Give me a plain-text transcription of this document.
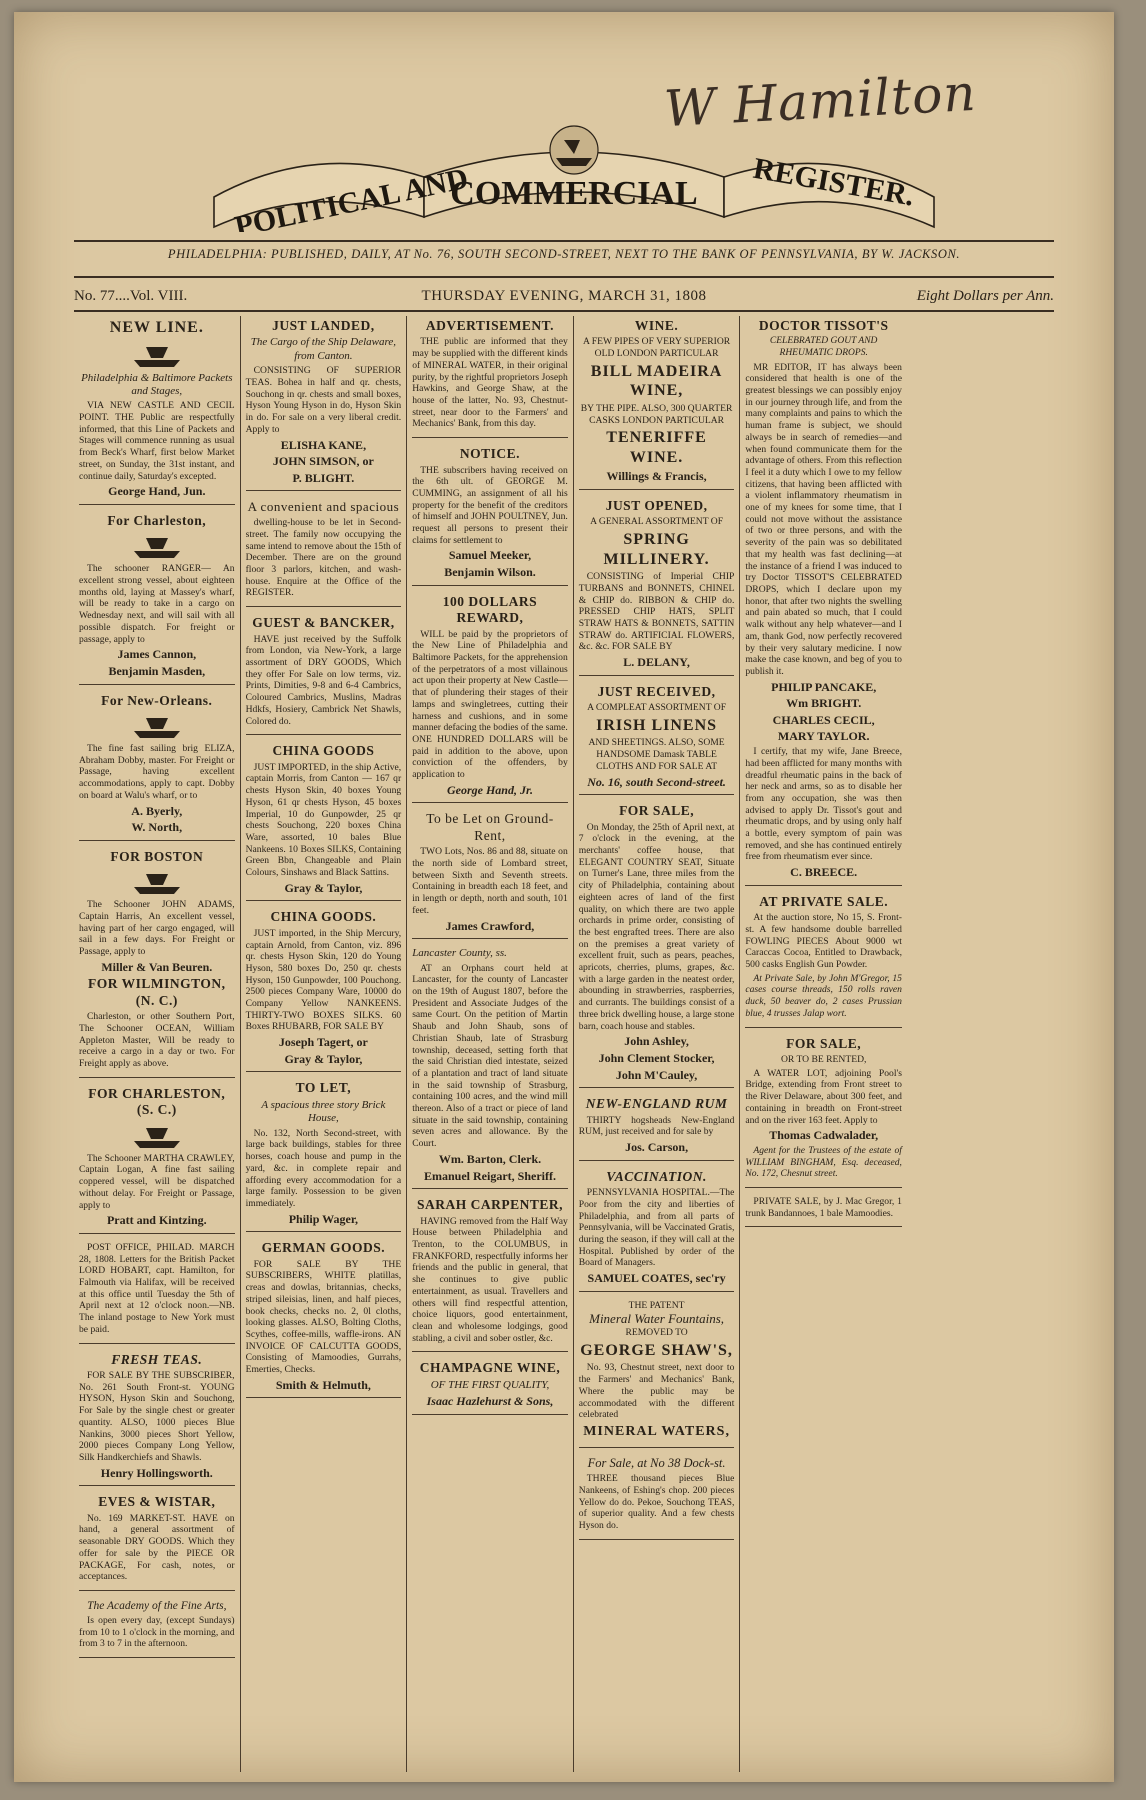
W Hamilton
POLITICAL AND
COMMERCIAL REGISTER.
PHILADELPHIA: PUBLISHED, DAILY, AT No. 76, SOUTH SECOND-STREET, NEXT TO THE BANK OF PENNSYLVANIA, BY W. JACKSON.
No. 77....Vol. VIII.	THURSDAY EVENING, MARCH 31, 1808	Eight Dollars per Ann.
NEW LINE.
Philadelphia & Baltimore Packets and Stages,

VIA NEW CASTLE AND CECIL POINT. THE Public are respectfully informed, that this Line of Packets and Stages will commence running as usual from Beck's Wharf, first below Market street, on Sunday, the 31st instant, and continue daily, Saturday's excepted.

George Hand, Jun.
For Charleston,

The schooner RANGER— An excellent strong vessel, about eighteen months old, laying at Massey's wharf, will be ready to take in a cargo on Wednesday next, and will sail with all possible dispatch. For freight or passage, apply to

James Cannon,
Benjamin Masden,
For New-Orleans.

The fine fast sailing brig ELIZA, Abraham Dobby, master. For Freight or Passage, having excellent accommodations, apply to capt. Dobby on board at Walu's wharf, or to

A. Byerly,
W. North,
FOR BOSTON

The Schooner JOHN ADAMS, Captain Harris, An excellent vessel, having part of her cargo engaged, will sail in a few days. For Freight or Passage, apply to

Miller & Van Beuren.
FOR WILMINGTON, (N. C.)

Charleston, or other Southern Port, The Schooner OCEAN, William Appleton Master, Will be ready to receive a cargo in a day or two. For Freight apply as above.

FOR CHARLESTON, (S. C.)

The Schooner MARTHA CRAWLEY, Captain Logan, A fine fast sailing coppered vessel, will be dispatched without delay. For Freight or Passage, apply to

Pratt and Kintzing.

POST OFFICE, PHILAD. MARCH 28, 1808. Letters for the British Packet LORD HOBART, capt. Hamilton, for Falmouth via Halifax, will be received at this office until Tuesday the 5th of April next at 12 o'clock noon.—NB. The inland postage to New York must be paid.

FRESH TEAS.

FOR SALE BY THE SUBSCRIBER, No. 261 South Front-st. YOUNG HYSON, Hyson Skin and Souchong, For Sale by the single chest or greater quantity. ALSO, 1000 pieces Blue Nankins, 3000 pieces Short Yellow, 2000 pieces Company Long Yellow, Silk Handkerchiefs and Shawls.

Henry Hollingsworth.
EVES & WISTAR,

No. 169 MARKET-ST. HAVE on hand, a general assortment of seasonable DRY GOODS. Which they offer for sale by the PIECE OR PACKAGE, For cash, notes, or acceptances.

The Academy of the Fine Arts,

Is open every day, (except Sundays) from 10 to 1 o'clock in the morning, and from 3 to 7 in the afternoon.

JUST LANDED,
The Cargo of the Ship Delaware, from Canton.

CONSISTING OF SUPERIOR TEAS. Bohea in half and qr. chests, Souchong in qr. chests and small boxes, Hyson Young Hyson in do, Hyson Skin in do. For sale on a very liberal credit. Apply to

ELISHA KANE,
JOHN SIMSON, or
P. BLIGHT.
A convenient and spacious

dwelling-house to be let in Second-street. The family now occupying the same intend to remove about the 15th of December. There are on the ground floor 3 parlors, kitchen, and wash-house. Enquire at the Office of the REGISTER.

GUEST & BANCKER,

HAVE just received by the Suffolk from London, via New-York, a large assortment of DRY GOODS, Which they offer For Sale on low terms, viz. Prints, Dimities, 9-8 and 6-4 Cambrics, Coloured Cambrics, Muslins, Madras Hdkfs, Hosiery, Cambrick Net Shawls, Colored do.

CHINA GOODS

JUST IMPORTED, in the ship Active, captain Morris, from Canton — 167 qr chests Hyson Skin, 40 boxes Young Hyson, 61 qr chests Hyson, 45 boxes Imperial, 10 do Gunpowder, 25 qr chests Souchong, 220 boxes China Ware, assorted, 10 bales Blue Nankeens. 10 Boxes SILKS, Containing Green Bbn, Changeable and Plain Colours, Sinshaws and Black Sattins.

Gray & Taylor,
CHINA GOODS.

JUST imported, in the Ship Mercury, captain Arnold, from Canton, viz. 896 qr. chests Hyson Skin, 120 do Young Hyson, 580 boxes Do, 250 qr. chests Hyson, 150 Gunpowder, 100 Pouchong. 2500 pieces Company Ware, 10000 do Company Yellow NANKEENS. THIRTY-TWO BOXES SILKS. 60 Boxes RHUBARB, FOR SALE BY

Joseph Tagert, or
Gray & Taylor,
TO LET,
A spacious three story Brick House,

No. 132, North Second-street, with large back buildings, stables for three horses, coach house and pump in the yard, &c. in complete repair and affording every accommodation for a large family. Possession to be given immediately.

Philip Wager,
GERMAN GOODS.

FOR SALE BY THE SUBSCRIBERS, WHITE platillas, creas and dowlas, britannias, checks, striped sileisias, linen, and half pieces, book checks, checks no. 2, 0l cloths, looking glasses. ALSO, Bolting Cloths, Scythes, coffee-mills, waffle-irons. AN INVOICE OF CALCUTTA GOODS, Consisting of Mamoodies, Gurrahs, Emerties, Checks.

Smith & Helmuth,
ADVERTISEMENT.

THE public are informed that they may be supplied with the different kinds of MINERAL WATER, in their original purity, by the rightful proprietors Joseph Hawkins, and George Shaw, at the house of the latter, No. 93, Chestnut-street, near door to the Farmers' and Mechanics' Bank, from this day.

NOTICE.

THE subscribers having received on the 6th ult. of GEORGE M. CUMMING, an assignment of all his property for the benefit of the creditors of himself and JOHN POULTNEY, Jun. request all persons to present their claims for settlement to

Samuel Meeker,
Benjamin Wilson.
100 DOLLARS REWARD,

WILL be paid by the proprietors of the New Line of Philadelphia and Baltimore Packets, for the apprehension of the perpetrators of a most villainous act upon their property at New Castle—that of plundering their stages of their lamps and swingletrees, cutting their harness and cushions, and in some manner defacing the bodies of the same. ONE HUNDRED DOLLARS will be paid in addition to the above, upon conviction of the offenders, by application to

George Hand, Jr.
To be Let on Ground-Rent,

TWO Lots, Nos. 86 and 88, situate on the north side of Lombard street, between Sixth and Seventh streets. Containing in breadth each 18 feet, and in length or depth, north and south, 101 feet.

James Crawford,
Lancaster County, ss.

AT an Orphans court held at Lancaster, for the county of Lancaster on the 19th of August 1807, before the President and Associate Judges of the same Court. On the petition of Martin Shaub and John Shaub, sons of Christian Shaub, late of Strasburg township, deceased, setting forth that the said Christian died intestate, seized of a plantation and tract of land situate in the said township of Strasburg, containing 100 acres, and the wind mill thereon. Also of a tract or piece of land situate in the said township, containing seven acres and allowance. By the Court.

Wm. Barton, Clerk.
Emanuel Reigart, Sheriff.
SARAH CARPENTER,

HAVING removed from the Half Way House between Philadelphia and Trenton, to the COLUMBUS, in FRANKFORD, respectfully informs her friends and the public in general, that she continues to give public entertainment, as usual. Travellers and others will find respectful attention, choice liquors, good entertainment, clean and wholesome lodgings, good stabling, a civil and sober ostler, &c.

CHAMPAGNE WINE,
OF THE FIRST QUALITY,
Isaac Hazlehurst & Sons,
WINE.
A FEW PIPES OF VERY SUPERIOR OLD LONDON PARTICULAR
BILL MADEIRA WINE,
BY THE PIPE. ALSO, 300 QUARTER CASKS LONDON PARTICULAR
TENERIFFE WINE.
Willings & Francis,
JUST OPENED,
A GENERAL ASSORTMENT OF
SPRING MILLINERY.

CONSISTING of Imperial CHIP TURBANS and BONNETS, CHINEL & CHIP do. RIBBON & CHIP do. PRESSED CHIP HATS, SPLIT STRAW HATS & BONNETS, SATTIN STRAW do. ARTIFICIAL FLOWERS, &c. &c. FOR SALE BY

L. DELANY,
JUST RECEIVED,
A COMPLEAT ASSORTMENT OF
IRISH LINENS
AND SHEETINGS. ALSO, SOME HANDSOME Damask TABLE CLOTHS AND FOR SALE AT
No. 16, south Second-street.
FOR SALE,

On Monday, the 25th of April next, at 7 o'clock in the evening, at the merchants' coffee house, that ELEGANT COUNTRY SEAT, Situate on Turner's Lane, three miles from the city of Philadelphia, containing about eighteen acres of land of the first quality, on which there are two apple orchards in prime order, consisting of the best engrafted trees. There are also on the premises a great variety of excellent fruit, such as pears, peaches, apricots, cherries, plums, grapes, &c. with a large garden in the neatest order, abounding in strawberries, raspberries, and currants. The buildings consist of a three brick dwelling house, a large stone barn, coach house and stables.

John Ashley,
John Clement Stocker,
John M'Cauley,
NEW-ENGLAND RUM

THIRTY hogsheads New-England RUM, just received and for sale by

Jos. Carson,
VACCINATION.

PENNSYLVANIA HOSPITAL.—The Poor from the city and liberties of Philadelphia, and from all parts of Pennsylvania, will be Vaccinated Gratis, during the season, if they will call at the Hospital. Published by order of the Board of Managers.

SAMUEL COATES, sec'ry
THE PATENT
Mineral Water Fountains,
REMOVED TO
GEORGE SHAW'S,

No. 93, Chestnut street, next door to the Farmers' and Mechanics' Bank, Where the public may be accommodated with the different celebrated

MINERAL WATERS,
For Sale, at No 38 Dock-st.

THREE thousand pieces Blue Nankeens, of Eshing's chop. 200 pieces Yellow do do. Pekoe, Souchong TEAS, of superior quality. And a few chests Hyson do.

DOCTOR TISSOT'S
CELEBRATED GOUT AND RHEUMATIC DROPS.

MR EDITOR, IT has always been considered that health is one of the greatest blessings we can possibly enjoy in our journey through life, and from the many complaints and pains to which the human frame is subject, we should always be in search of remedies—and when found communicate them for the advantage of others. From this reflection I feel it a duty which I owe to my fellow citizens, that having been afflicted with a violent inflammatory rheumatism in one of my knees for some time, that I could not move without the assistance of two or three persons, and with the severity of the pain was so debilitated that my health was fast declining—at the instance of a friend I was induced to try Doctor TISSOT'S CELEBRATED DROPS, which I declare upon my honor, that after two nights the swelling and pain abated so much, that I could walk without any help whatever—and I am, thank God, now perfectly recovered by their very salutary medicine. I now make the case known, and beg of you to publish it.

PHILIP PANCAKE,
Wm BRIGHT.
CHARLES CECIL,
MARY TAYLOR.

I certify, that my wife, Jane Breece, had been afflicted for many months with dreadful rheumatic pains in the back of her neck and arms, so as to disable her from any occupation, she was then advised to apply Dr. Tissot's gout and rheumatic drops, and by using only half a bottle, every symptom of pain was removed, and she has continued entirely free from rheumatism ever since.

C. BREECE.
AT PRIVATE SALE.

At the auction store, No 15, S. Front-st. A few handsome double barrelled FOWLING PIECES About 9000 wt Caraccas Cocoa, Entitled to Drawback, 500 casks English Gun Powder.

At Private Sale, by John M'Gregor, 15 cases course threads, 150 rolls raven duck, 50 beaver do, 2 cases Prussian blue, 4 trusses Jalap wort.

FOR SALE,
OR TO BE RENTED,

A WATER LOT, adjoining Pool's Bridge, extending from Front street to the River Delaware, about 300 feet, and containing in breadth on Front-street and on the river 163 feet. Apply to

Thomas Cadwalader,

Agent for the Trustees of the estate of WILLIAM BINGHAM, Esq. deceased, No. 172, Chesnut street.

PRIVATE SALE, by J. Mac Gregor, 1 trunk Bandannoes, 1 bale Mamoodies.
